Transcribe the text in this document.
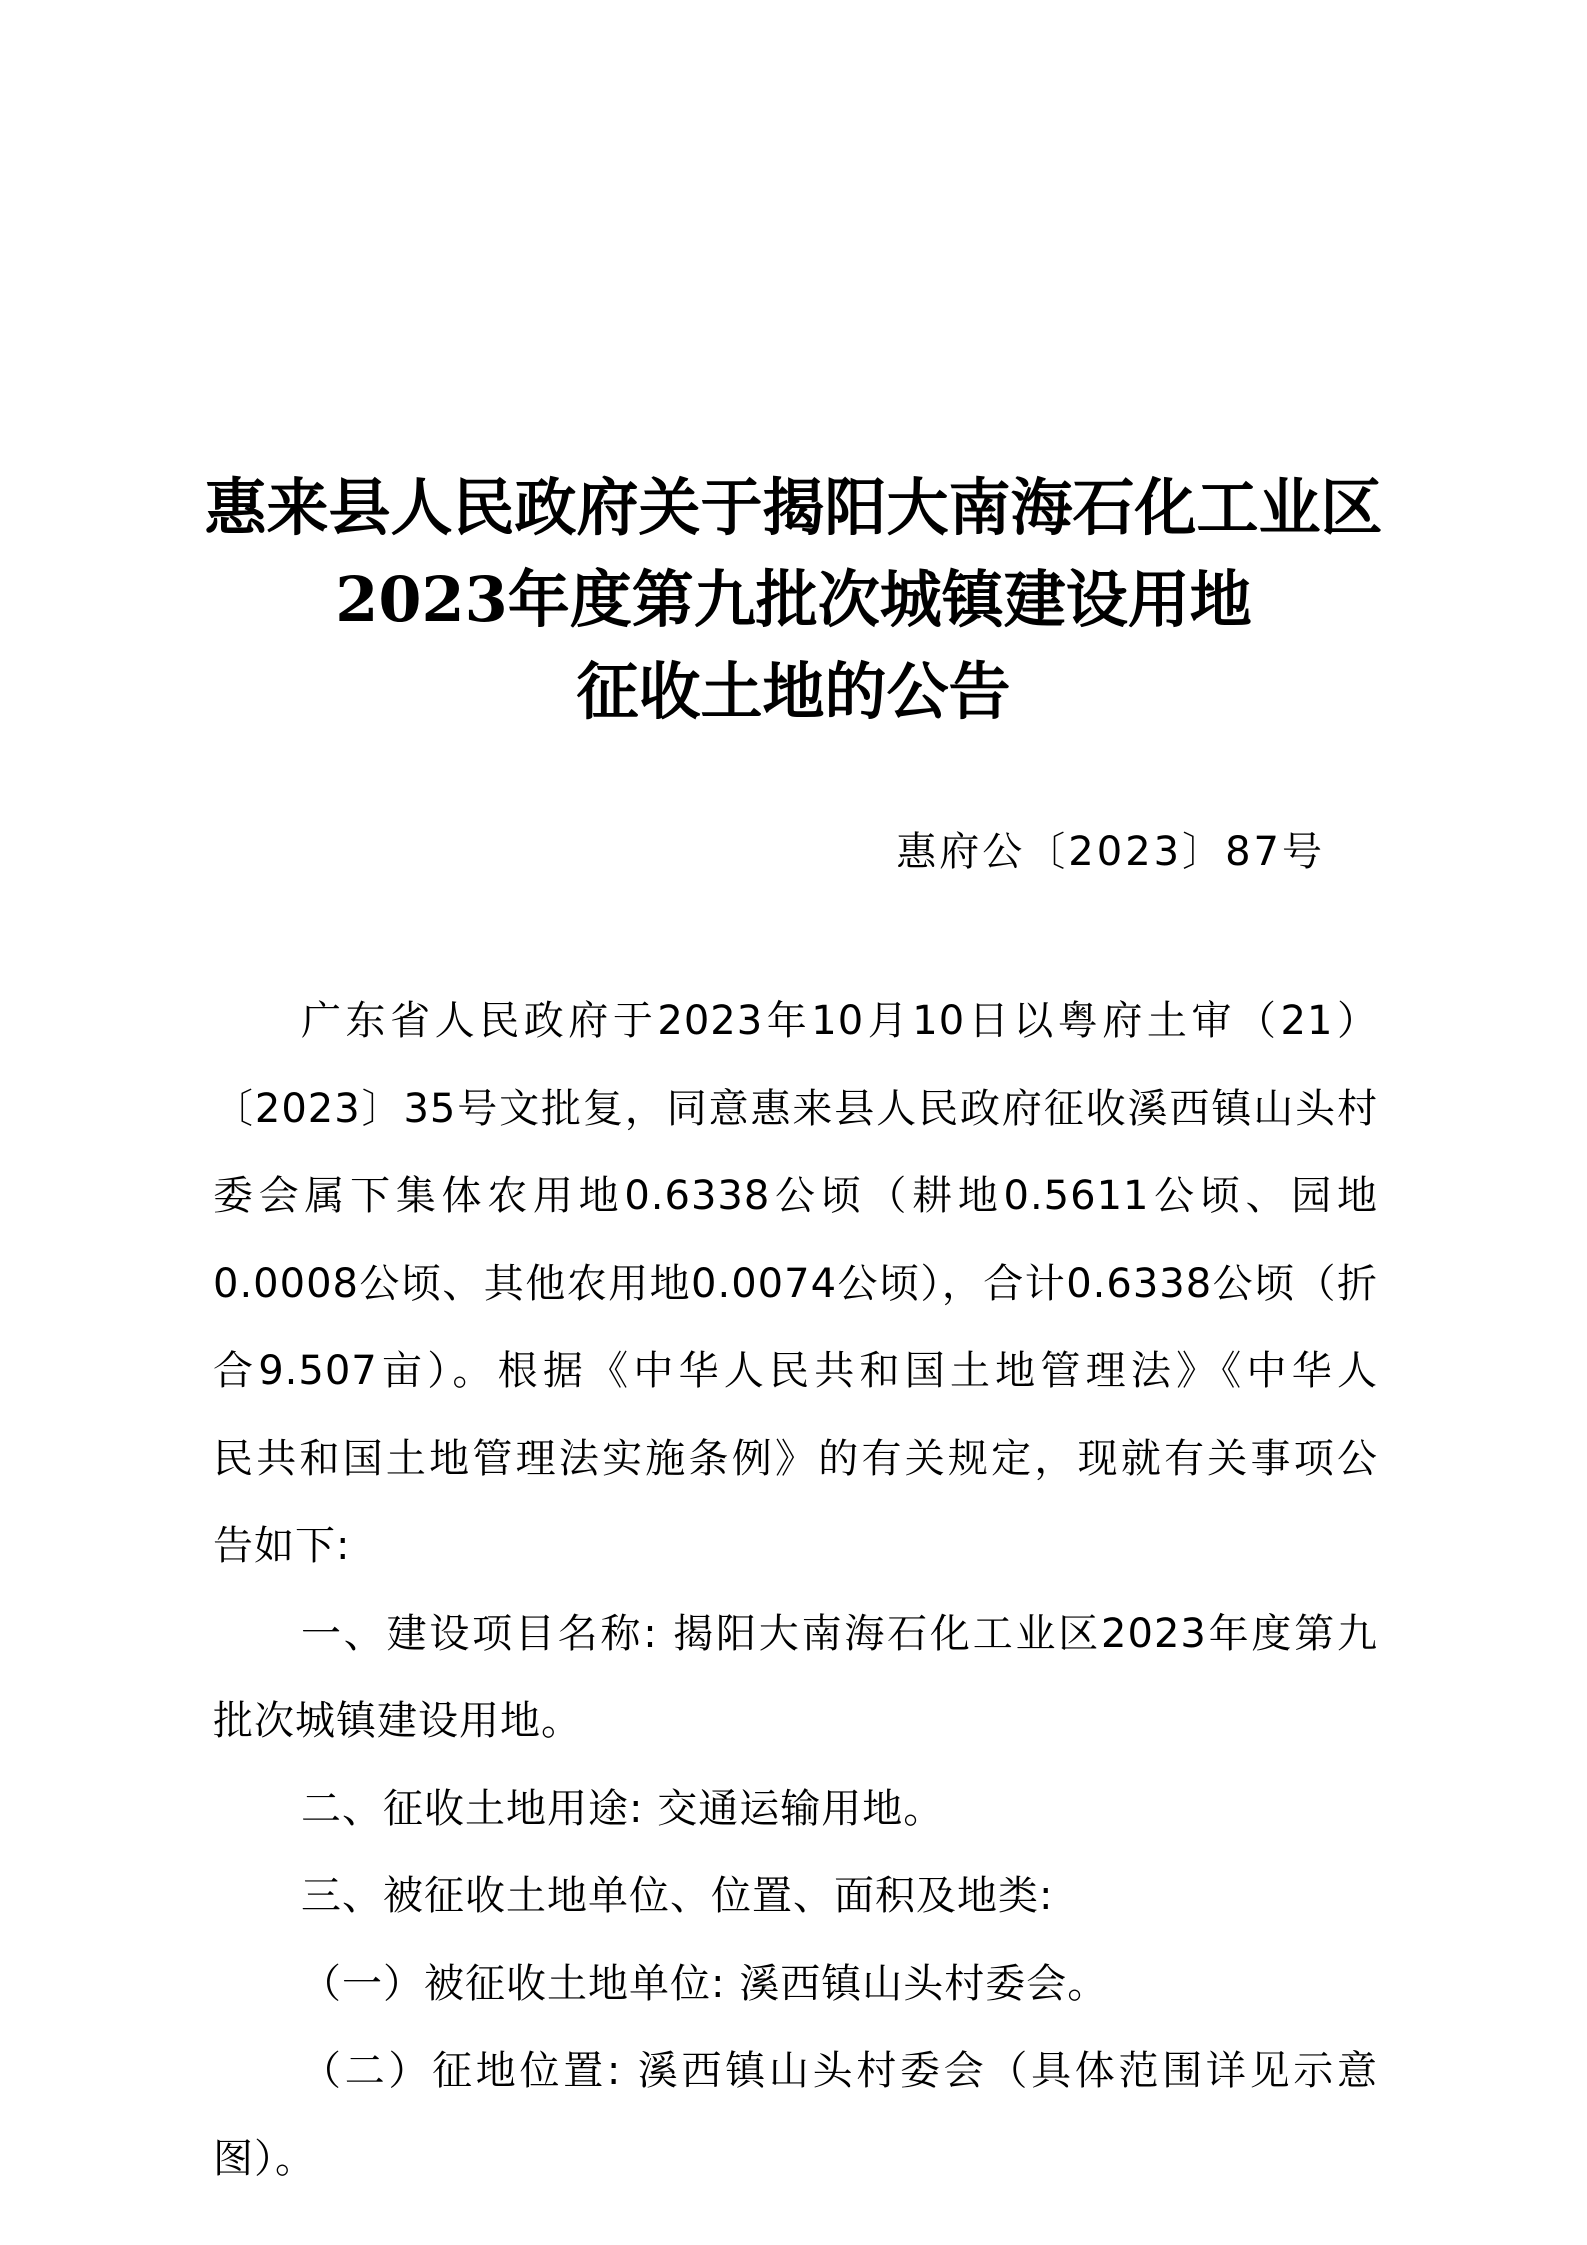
惠来县人民政府关于揭阳大南海石化工业区
2023年度第九批次城镇建设用地
征收土地的公告
惠府公〔2023〕87号
广东省人民政府于2023年10月10日以粤府土审（21）
〔2023〕35号文批复，同意惠来县人民政府征收溪西镇山头村
委会属下集体农用地0.6338公顷（耕地0.5611公顷、园地
0.0008公顷、其他农用地0.0074公顷），合计0.6338公顷（折
合9.507亩）。根据《中华人民共和国土地管理法》《中华人
民共和国土地管理法实施条例》的有关规定，现就有关事项公
告如下:
一、建设项目名称: 揭阳大南海石化工业区2023年度第九
批次城镇建设用地。
二、征收土地用途: 交通运输用地。
三、被征收土地单位、位置、面积及地类:
（一）被征收土地单位: 溪西镇山头村委会。
（二）征地位置: 溪西镇山头村委会（具体范围详见示意
图）。
